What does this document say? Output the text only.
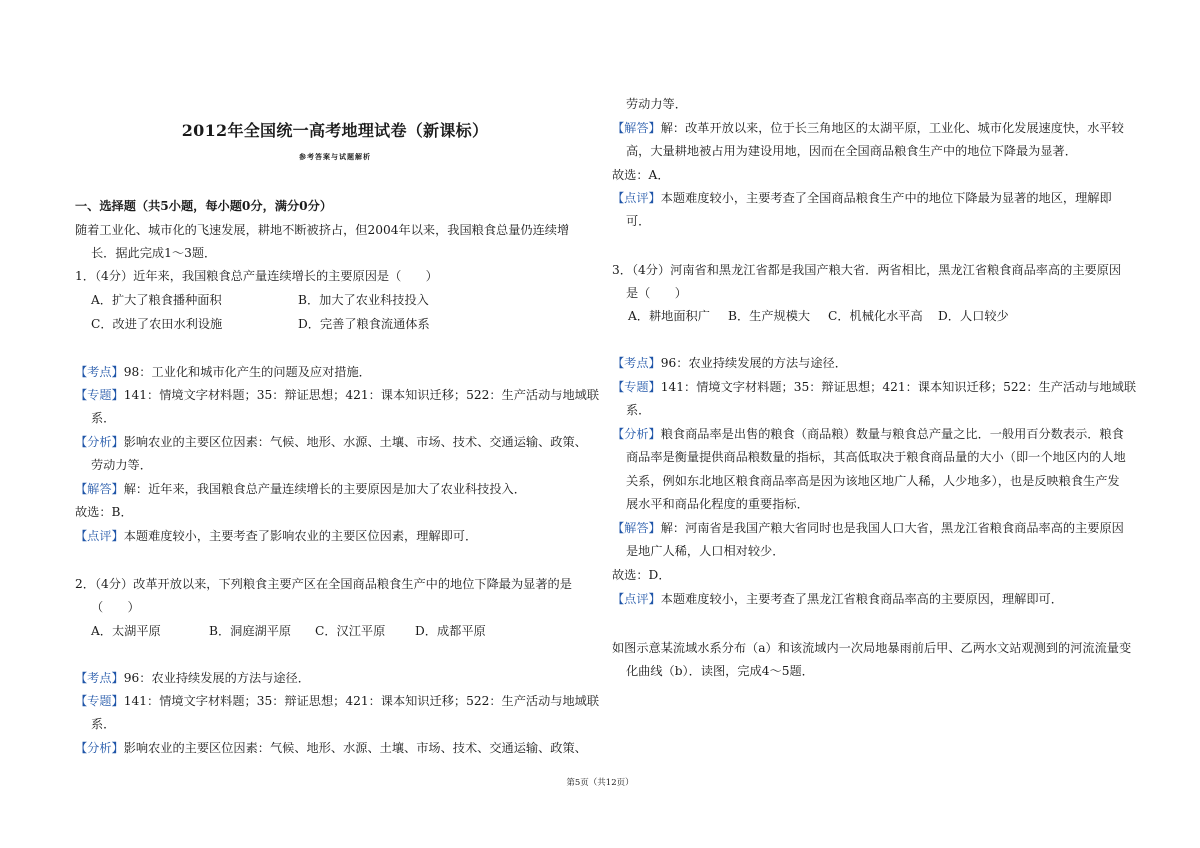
2012年全国统一高考地理试卷（新课标）
参考答案与试题解析
一、选择题（共5小题，每小题0分，满分0分）
随着工业化、城市化的飞速发展，耕地不断被挤占，但2004年以来，我国粮食总量仍连续增
长．据此完成1～3题．
1．（4分）近年来，我国粮食总产量连续增长的主要原因是（　　）
A．扩大了粮食播种面积	B．加大了农业科技投入
C．改进了农田水利设施	D．完善了粮食流通体系
【考点】98：工业化和城市化产生的问题及应对措施．
【专题】141：情境文字材料题；35：辩证思想；421：课本知识迁移；522：生产活动与地域联
系．
【分析】影响农业的主要区位因素：气候、地形、水源、土壤、市场、技术、交通运输、政策、
劳动力等．
【解答】解：近年来，我国粮食总产量连续增长的主要原因是加大了农业科技投入．
故选：B．
【点评】本题难度较小，主要考查了影响农业的主要区位因素，理解即可．
2．（4分）改革开放以来，下列粮食主要产区在全国商品粮食生产中的地位下降最为显著的是
（　　）
A．太湖平原	B．洞庭湖平原 C．汉江平原 D．成都平原
【考点】96：农业持续发展的方法与途径．
【专题】141：情境文字材料题；35：辩证思想；421：课本知识迁移；522：生产活动与地域联
系．
【分析】影响农业的主要区位因素：气候、地形、水源、土壤、市场、技术、交通运输、政策、
劳动力等．
【解答】解：改革开放以来，位于长三角地区的太湖平原，工业化、城市化发展速度快，水平较
高，大量耕地被占用为建设用地，因而在全国商品粮食生产中的地位下降最为显著．
故选：A．
【点评】本题难度较小，主要考查了全国商品粮食生产中的地位下降最为显著的地区，理解即
可．
3．（4分）河南省和黑龙江省都是我国产粮大省．两省相比，黑龙江省粮食商品率高的主要原因
是（　　）
A．耕地面积广 B．生产规模大 C．机械化水平高 D．人口较少
【考点】96：农业持续发展的方法与途径．
【专题】141：情境文字材料题；35：辩证思想；421：课本知识迁移；522：生产活动与地域联
系．
【分析】粮食商品率是出售的粮食（商品粮）数量与粮食总产量之比．一般用百分数表示．粮食
商品率是衡量提供商品粮数量的指标，其高低取决于粮食商品量的大小（即一个地区内的人地
关系，例如东北地区粮食商品率高是因为该地区地广人稀，人少地多），也是反映粮食生产发
展水平和商品化程度的重要指标．
【解答】解：河南省是我国产粮大省同时也是我国人口大省，黑龙江省粮食商品率高的主要原因
是地广人稀，人口相对较少．
故选：D．
【点评】本题难度较小，主要考查了黑龙江省粮食商品率高的主要原因，理解即可．
如图示意某流域水系分布（a）和该流域内一次局地暴雨前后甲、乙两水文站观测到的河流流量变
化曲线（b）．读图，完成4～5题．
第5页（共12页）
